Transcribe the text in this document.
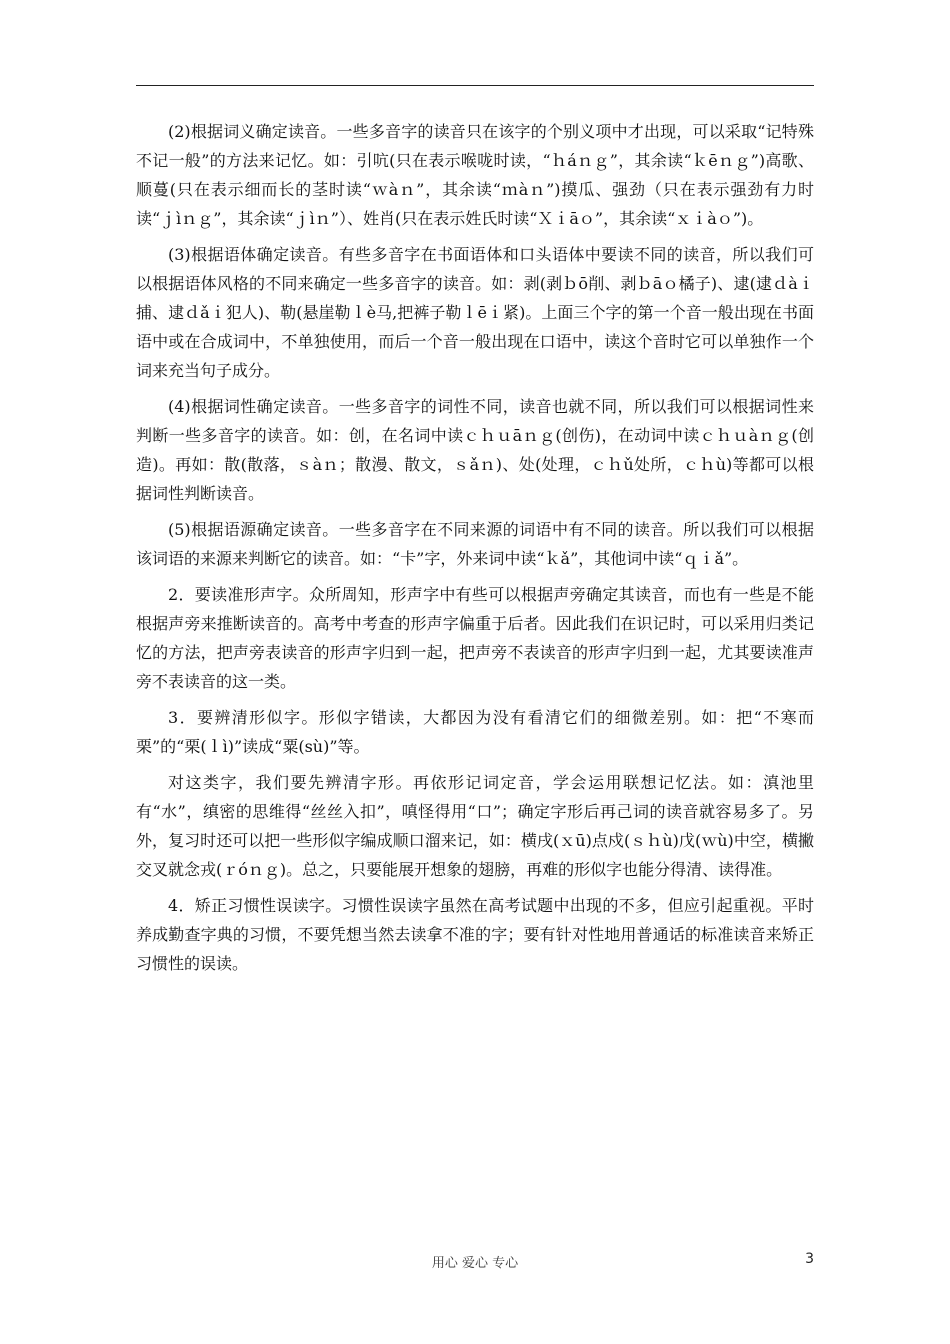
(2)根据词义确定读音。一些多音字的读音只在该字的个别义项中才出现，可以采取“记特殊不记一般”的方法来记忆。如：引吭(只在表示喉咙时读，“ｈáｎｇ”，其余读“ｋēｎｇ”)高歌、顺蔓(只在表示细而长的茎时读“ｗàｎ”，其余读“ｍàｎ”)摸瓜、强劲（只在表示强劲有力时读“ｊìｎｇ”，其余读“ｊìｎ”）、姓肖(只在表示姓氏时读“Ｘｉāｏ”，其余读“ｘｉàｏ”)。

(3)根据语体确定读音。有些多音字在书面语体和口头语体中要读不同的读音，所以我们可以根据语体风格的不同来确定一些多音字的读音。如：剥(剥ｂō削、剥ｂāｏ橘子)、逮(逮ｄàｉ捕、逮ｄǎｉ犯人)、勒(悬崖勒ｌè马,把裤子勒ｌēｉ紧)。上面三个字的第一个音一般出现在书面语中或在合成词中，不单独使用，而后一个音一般出现在口语中，读这个音时它可以单独作一个词来充当句子成分。

(4)根据词性确定读音。一些多音字的词性不同，读音也就不同，所以我们可以根据词性来判断一些多音字的读音。如：创，在名词中读ｃｈｕāｎｇ(创伤)，在动词中读ｃｈｕàｎｇ(创造)。再如：散(散落，ｓàｎ；散漫、散文，ｓǎｎ)、处(处理，ｃｈǔ处所，ｃｈù)等都可以根据词性判断读音。

(5)根据语源确定读音。一些多音字在不同来源的词语中有不同的读音。所以我们可以根据该词语的来源来判断它的读音。如：“卡”字，外来词中读“ｋǎ”，其他词中读“ｑｉǎ”。

2．要读准形声字。众所周知，形声字中有些可以根据声旁确定其读音，而也有一些是不能根据声旁来推断读音的。高考中考查的形声字偏重于后者。因此我们在识记时，可以采用归类记忆的方法，把声旁表读音的形声字归到一起，把声旁不表读音的形声字归到一起，尤其要读准声旁不表读音的这一类。

3．要辨清形似字。形似字错读，大都因为没有看清它们的细微差别。如：把“不寒而栗”的“栗(ｌì)”读成“粟(sù)”等。

对这类字，我们要先辨清字形。再依形记词定音，学会运用联想记忆法。如：滇池里有“水”，缜密的思维得“丝丝入扣”，嗔怪得用“口”；确定字形后再己词的读音就容易多了。另外，复习时还可以把一些形似字编成顺口溜来记，如：横戌(ｘū)点戍(ｓｈù)戊(ｗù)中空，横撇交叉就念戎(ｒóｎｇ)。总之，只要能展开想象的翅膀，再难的形似字也能分得清、读得准。

4．矫正习惯性误读字。习惯性误读字虽然在高考试题中出现的不多，但应引起重视。平时养成勤查字典的习惯，不要凭想当然去读拿不准的字；要有针对性地用普通话的标准读音来矫正习惯性的误读。

用心 爱心 专心	3
